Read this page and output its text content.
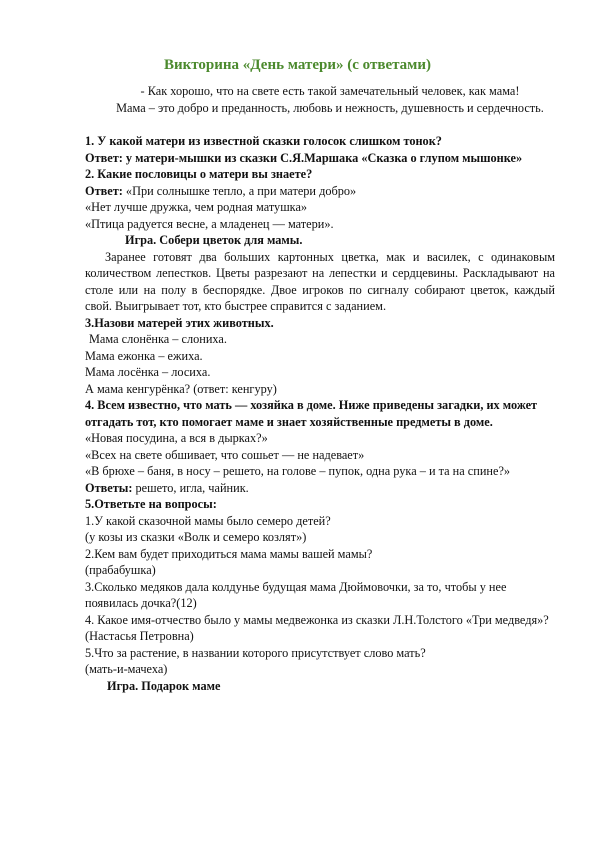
Викторина «День матери» (с ответами)

- Как хорошо, что на свете есть такой замечательный человек, как мама!

Мама – это добро и преданность, любовь и нежность, душевность и сердечность.

1. У какой матери из известной сказки голосок слишком тонок?

Ответ: у матери-мышки из сказки С.Я.Маршака «Сказка о глупом мышонке»

2. Какие пословицы о матери вы знаете?

Ответ: «При солнышке тепло, а при матери добро»

«Нет лучше дружка, чем родная матушка»

«Птица радуется весне, а младенец — матери».

Игра. Собери цветок для мамы.

Заранее готовят два больших картонных цветка, мак и василек, с одинаковым количеством лепестков. Цветы разрезают на лепестки и сердцевины. Раскладывают на столе или на полу в беспорядке. Двое игроков по сигналу собирают цветок, каждый свой. Выигрывает тот, кто быстрее справится с заданием.

3.Назови матерей этих животных.

Мама слонёнка – слониха.

Мама ежонка – ежиха.

Мама лосёнка – лосиха.

А мама кенгурёнка? (ответ: кенгуру)

4. Всем известно, что мать — хозяйка в доме. Ниже приведены загадки, их может отгадать тот, кто помогает маме и знает хозяйственные предметы в доме.

«Новая посудина, а вся в дырках?»

«Всех на свете обшивает, что сошьет — не надевает»

«В брюхе – баня, в носу – решето, на голове – пупок, одна рука – и та на спине?»

Ответы: решето, игла, чайник.

5.Ответьте на вопросы:

1.У какой сказочной мамы было семеро детей?

(у козы из сказки «Волк и семеро козлят»)

2.Кем вам будет приходиться мама мамы вашей мамы?

(прабабушка)

3.Сколько медяков дала колдунье будущая мама Дюймовочки, за то, чтобы у нее появилась дочка?(12)

4. Какое имя-отчество было у мамы медвежонка из сказки Л.Н.Толстого «Три медведя»?(Настасья Петровна)

5.Что за растение, в названии которого присутствует слово мать?

(мать-и-мачеха)

Игра. Подарок маме
